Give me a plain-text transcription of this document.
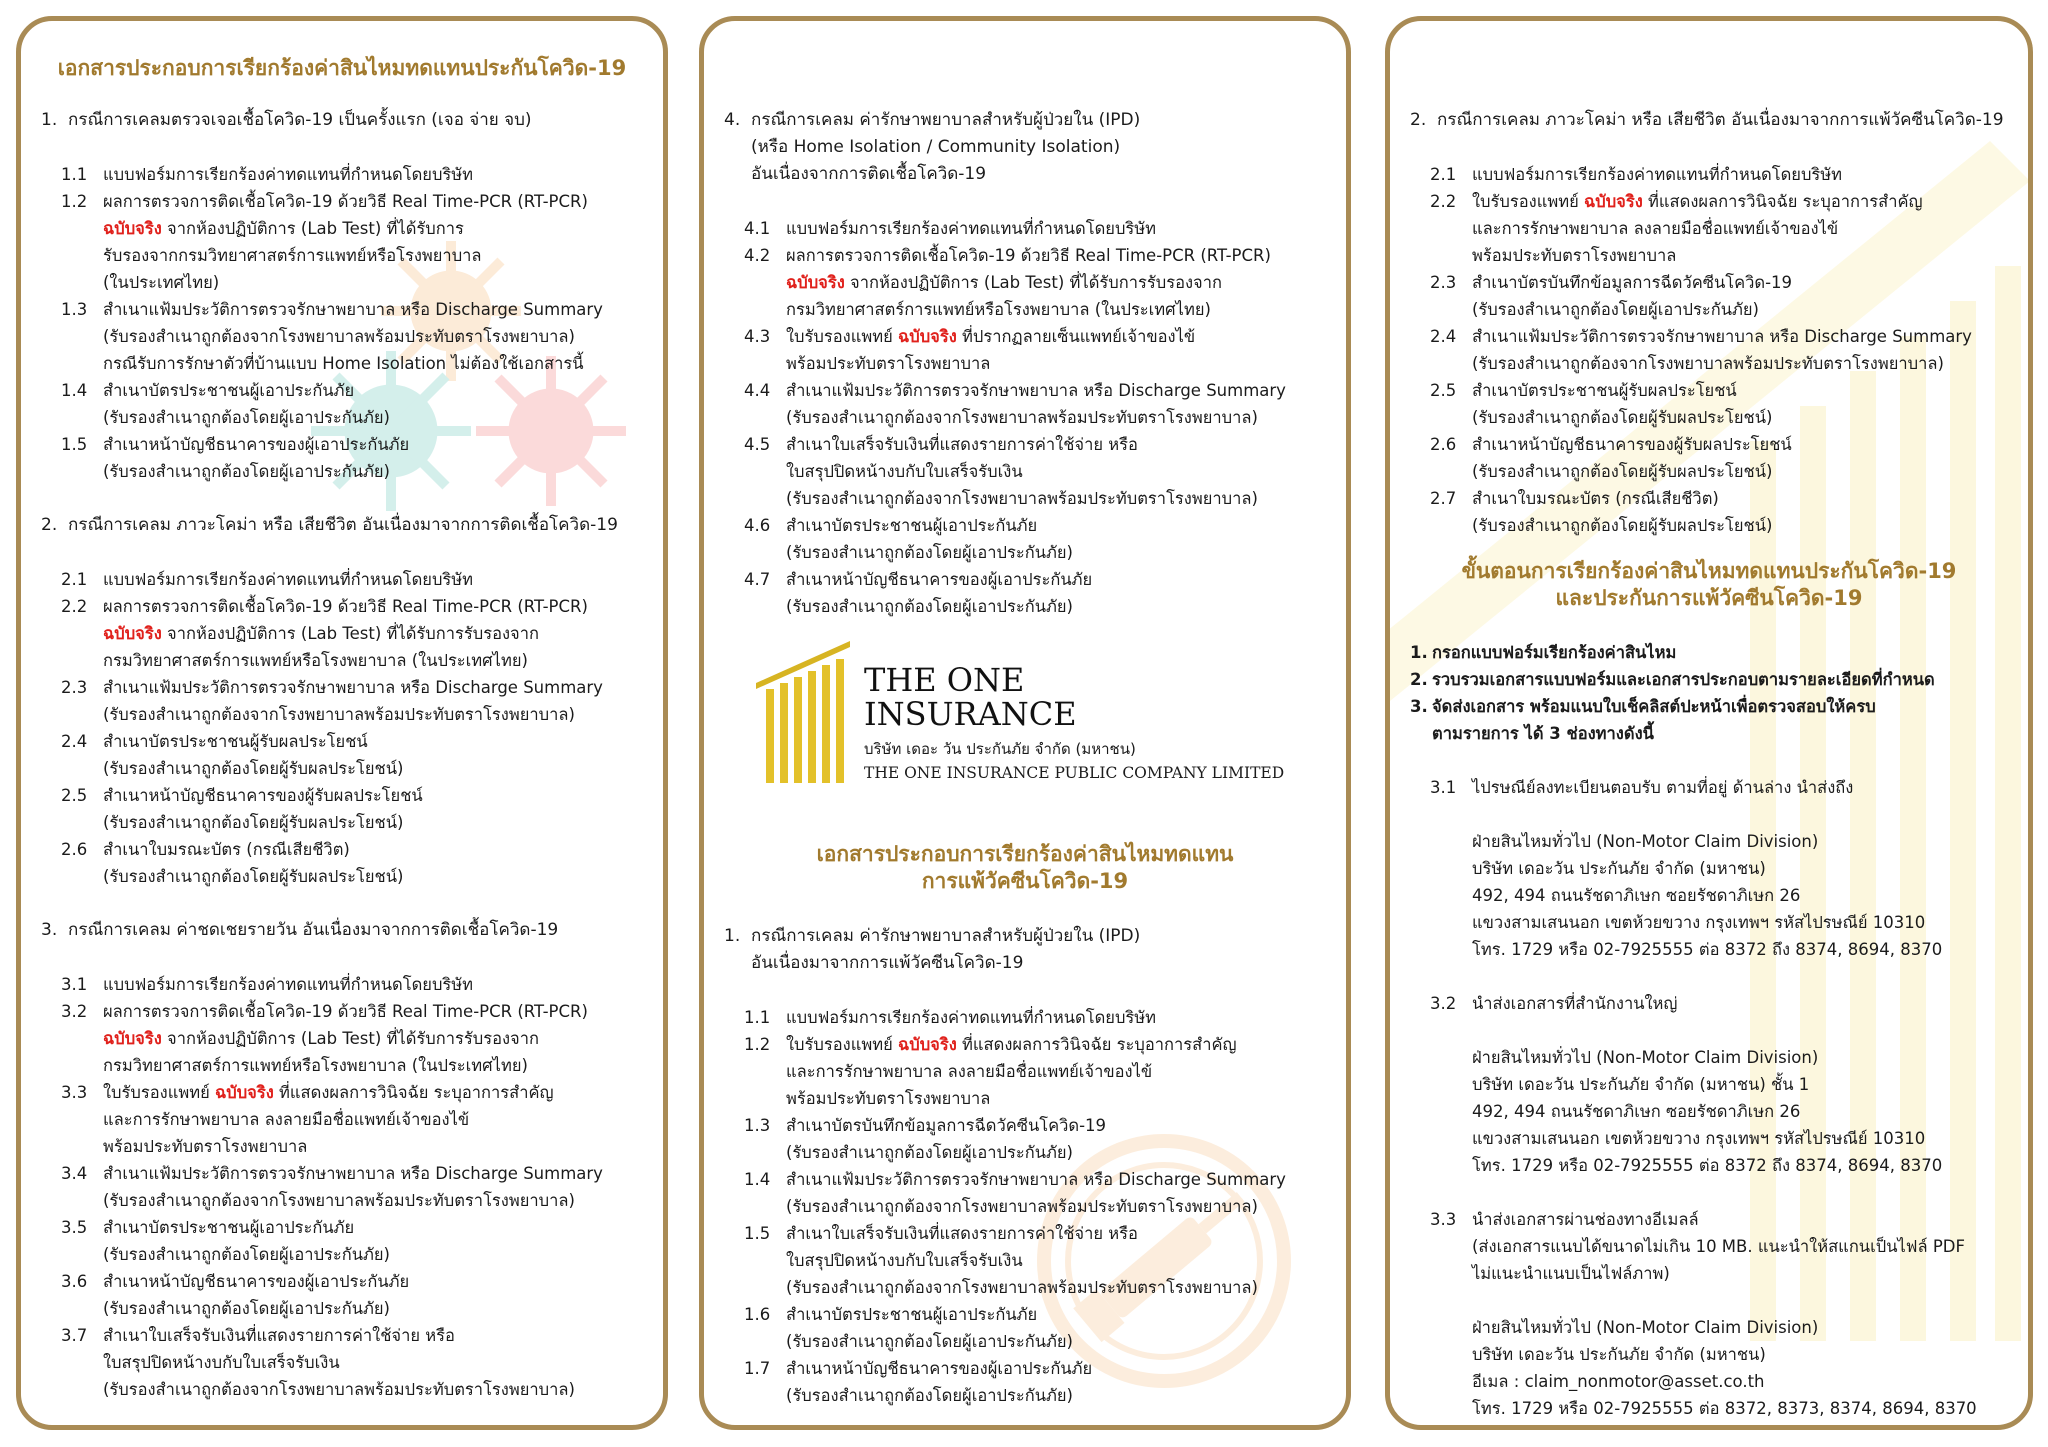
เอกสารประกอบการเรียกร้องค่าสินไหมทดแทนประกันโควิด-19

1.  กรณีการเคลมตรวจเจอเชื้อโควิด-19 เป็นครั้งแรก (เจอ จ่าย จบ)

1.1 แบบฟอร์มการเรียกร้องค่าทดแทนที่กำหนดโดยบริษัท
1.2 ผลการตรวจการติดเชื้อโควิด-19 ด้วยวิธี Real Time-PCR (RT-PCR)
ฉบับจริง จากห้องปฏิบัติการ (Lab Test) ที่ได้รับการ
รับรองจากกรมวิทยาศาสตร์การแพทย์หรือโรงพยาบาล
(ในประเทศไทย)
1.3 สำเนาแฟ้มประวัติการตรวจรักษาพยาบาล หรือ Discharge Summary
(รับรองสำเนาถูกต้องจากโรงพยาบาลพร้อมประทับตราโรงพยาบาล)
กรณีรับการรักษาตัวที่บ้านแบบ Home Isolation ไม่ต้องใช้เอกสารนี้
1.4 สำเนาบัตรประชาชนผู้เอาประกันภัย
(รับรองสำเนาถูกต้องโดยผู้เอาประกันภัย)
1.5 สำเนาหน้าบัญชีธนาคารของผู้เอาประกันภัย
(รับรองสำเนาถูกต้องโดยผู้เอาประกันภัย)

2.  กรณีการเคลม ภาวะโคม่า หรือ เสียชีวิต อันเนื่องมาจากการติดเชื้อโควิด-19

2.1 แบบฟอร์มการเรียกร้องค่าทดแทนที่กำหนดโดยบริษัท
2.2 ผลการตรวจการติดเชื้อโควิด-19 ด้วยวิธี Real Time-PCR (RT-PCR)
ฉบับจริง จากห้องปฏิบัติการ (Lab Test) ที่ได้รับการรับรองจาก
กรมวิทยาศาสตร์การแพทย์หรือโรงพยาบาล (ในประเทศไทย)
2.3 สำเนาแฟ้มประวัติการตรวจรักษาพยาบาล หรือ Discharge Summary
(รับรองสำเนาถูกต้องจากโรงพยาบาลพร้อมประทับตราโรงพยาบาล)
2.4 สำเนาบัตรประชาชนผู้รับผลประโยชน์
(รับรองสำเนาถูกต้องโดยผู้รับผลประโยชน์)
2.5 สำเนาหน้าบัญชีธนาคารของผู้รับผลประโยชน์
(รับรองสำเนาถูกต้องโดยผู้รับผลประโยชน์)
2.6 สำเนาใบมรณะบัตร (กรณีเสียชีวิต)
(รับรองสำเนาถูกต้องโดยผู้รับผลประโยชน์)

3.  กรณีการเคลม ค่าชดเชยรายวัน อันเนื่องมาจากการติดเชื้อโควิด-19

3.1 แบบฟอร์มการเรียกร้องค่าทดแทนที่กำหนดโดยบริษัท
3.2 ผลการตรวจการติดเชื้อโควิด-19 ด้วยวิธี Real Time-PCR (RT-PCR)
ฉบับจริง จากห้องปฏิบัติการ (Lab Test) ที่ได้รับการรับรองจาก
กรมวิทยาศาสตร์การแพทย์หรือโรงพยาบาล (ในประเทศไทย)
3.3 ใบรับรองแพทย์ ฉบับจริง ที่แสดงผลการวินิจฉัย ระบุอาการสำคัญ
และการรักษาพยาบาล ลงลายมือชื่อแพทย์เจ้าของไข้
พร้อมประทับตราโรงพยาบาล
3.4 สำเนาแฟ้มประวัติการตรวจรักษาพยาบาล หรือ Discharge Summary
(รับรองสำเนาถูกต้องจากโรงพยาบาลพร้อมประทับตราโรงพยาบาล)
3.5 สำเนาบัตรประชาชนผู้เอาประกันภัย
(รับรองสำเนาถูกต้องโดยผู้เอาประกันภัย)
3.6 สำเนาหน้าบัญชีธนาคารของผู้เอาประกันภัย
(รับรองสำเนาถูกต้องโดยผู้เอาประกันภัย)
3.7 สำเนาใบเสร็จรับเงินที่แสดงรายการค่าใช้จ่าย หรือ
ใบสรุปปิดหน้างบกับใบเสร็จรับเงิน
(รับรองสำเนาถูกต้องจากโรงพยาบาลพร้อมประทับตราโรงพยาบาล)

4.  กรณีการเคลม ค่ารักษาพยาบาลสำหรับผู้ป่วยใน (IPD)
(หรือ Home Isolation / Community Isolation)
อันเนื่องจากการติดเชื้อโควิด-19

4.1 แบบฟอร์มการเรียกร้องค่าทดแทนที่กำหนดโดยบริษัท
4.2 ผลการตรวจการติดเชื้อโควิด-19 ด้วยวิธี Real Time-PCR (RT-PCR)
ฉบับจริง จากห้องปฏิบัติการ (Lab Test) ที่ได้รับการรับรองจาก
กรมวิทยาศาสตร์การแพทย์หรือโรงพยาบาล (ในประเทศไทย)
4.3 ใบรับรองแพทย์ ฉบับจริง ที่ปรากฏลายเซ็นแพทย์เจ้าของไข้
พร้อมประทับตราโรงพยาบาล
4.4 สำเนาแฟ้มประวัติการตรวจรักษาพยาบาล หรือ Discharge Summary
(รับรองสำเนาถูกต้องจากโรงพยาบาลพร้อมประทับตราโรงพยาบาล)
4.5 สำเนาใบเสร็จรับเงินที่แสดงรายการค่าใช้จ่าย หรือ
ใบสรุปปิดหน้างบกับใบเสร็จรับเงิน
(รับรองสำเนาถูกต้องจากโรงพยาบาลพร้อมประทับตราโรงพยาบาล)
4.6 สำเนาบัตรประชาชนผู้เอาประกันภัย
(รับรองสำเนาถูกต้องโดยผู้เอาประกันภัย)
4.7 สำเนาหน้าบัญชีธนาคารของผู้เอาประกันภัย
(รับรองสำเนาถูกต้องโดยผู้เอาประกันภัย)
THE ONE
INSURANCE
บริษัท เดอะ วัน ประกันภัย จำกัด (มหาชน)
THE ONE INSURANCE PUBLIC COMPANY LIMITED

เอกสารประกอบการเรียกร้องค่าสินไหมทดแทน

การแพ้วัคซีนโควิด-19

1.  กรณีการเคลม ค่ารักษาพยาบาลสำหรับผู้ป่วยใน (IPD)
อันเนื่องมาจากการแพ้วัคซีนโควิด-19

1.1 แบบฟอร์มการเรียกร้องค่าทดแทนที่กำหนดโดยบริษัท
1.2 ใบรับรองแพทย์ ฉบับจริง ที่แสดงผลการวินิจฉัย ระบุอาการสำคัญ
และการรักษาพยาบาล ลงลายมือชื่อแพทย์เจ้าของไข้
พร้อมประทับตราโรงพยาบาล
1.3 สำเนาบัตรบันทึกข้อมูลการฉีดวัคซีนโควิด-19
(รับรองสำเนาถูกต้องโดยผู้เอาประกันภัย)
1.4 สำเนาแฟ้มประวัติการตรวจรักษาพยาบาล หรือ Discharge Summary
(รับรองสำเนาถูกต้องจากโรงพยาบาลพร้อมประทับตราโรงพยาบาล)
1.5 สำเนาใบเสร็จรับเงินที่แสดงรายการค่าใช้จ่าย หรือ
ใบสรุปปิดหน้างบกับใบเสร็จรับเงิน
(รับรองสำเนาถูกต้องจากโรงพยาบาลพร้อมประทับตราโรงพยาบาล)
1.6 สำเนาบัตรประชาชนผู้เอาประกันภัย
(รับรองสำเนาถูกต้องโดยผู้เอาประกันภัย)
1.7 สำเนาหน้าบัญชีธนาคารของผู้เอาประกันภัย
(รับรองสำเนาถูกต้องโดยผู้เอาประกันภัย)

2.  กรณีการเคลม ภาวะโคม่า หรือ เสียชีวิต อันเนื่องมาจากการแพ้วัคซีนโควิด-19

2.1 แบบฟอร์มการเรียกร้องค่าทดแทนที่กำหนดโดยบริษัท
2.2 ใบรับรองแพทย์ ฉบับจริง ที่แสดงผลการวินิจฉัย ระบุอาการสำคัญ
และการรักษาพยาบาล ลงลายมือชื่อแพทย์เจ้าของไข้
พร้อมประทับตราโรงพยาบาล
2.3 สำเนาบัตรบันทึกข้อมูลการฉีดวัคซีนโควิด-19
(รับรองสำเนาถูกต้องโดยผู้เอาประกันภัย)
2.4 สำเนาแฟ้มประวัติการตรวจรักษาพยาบาล หรือ Discharge Summary
(รับรองสำเนาถูกต้องจากโรงพยาบาลพร้อมประทับตราโรงพยาบาล)
2.5 สำเนาบัตรประชาชนผู้รับผลประโยชน์
(รับรองสำเนาถูกต้องโดยผู้รับผลประโยชน์)
2.6 สำเนาหน้าบัญชีธนาคารของผู้รับผลประโยชน์
(รับรองสำเนาถูกต้องโดยผู้รับผลประโยชน์)
2.7 สำเนาใบมรณะบัตร (กรณีเสียชีวิต)
(รับรองสำเนาถูกต้องโดยผู้รับผลประโยชน์)

ขั้นตอนการเรียกร้องค่าสินไหมทดแทนประกันโควิด-19

และประกันการแพ้วัคซีนโควิด-19

1. กรอกแบบฟอร์มเรียกร้องค่าสินไหม
2. รวบรวมเอกสารแบบฟอร์มและเอกสารประกอบตามรายละเอียดที่กำหนด
3. จัดส่งเอกสาร พร้อมแนบใบเช็คลิสต์ปะหน้าเพื่อตรวจสอบให้ครบ
ตามรายการ ได้ 3 ช่องทางดังนี้
3.1 ไปรษณีย์ลงทะเบียนตอบรับ ตามที่อยู่ ด้านล่าง นำส่งถึง
ฝ่ายสินไหมทั่วไป (Non-Motor Claim Division)
บริษัท เดอะวัน ประกันภัย จำกัด (มหาชน)
492, 494 ถนนรัชดาภิเษก ซอยรัชดาภิเษก 26
แขวงสามเสนนอก เขตห้วยขวาง กรุงเทพฯ รหัสไปรษณีย์ 10310
โทร. 1729 หรือ 02-7925555 ต่อ 8372 ถึง 8374, 8694, 8370
3.2 นำส่งเอกสารที่สำนักงานใหญ่
ฝ่ายสินไหมทั่วไป (Non-Motor Claim Division)
บริษัท เดอะวัน ประกันภัย จำกัด (มหาชน) ชั้น 1
492, 494 ถนนรัชดาภิเษก ซอยรัชดาภิเษก 26
แขวงสามเสนนอก เขตห้วยขวาง กรุงเทพฯ รหัสไปรษณีย์ 10310
โทร. 1729 หรือ 02-7925555 ต่อ 8372 ถึง 8374, 8694, 8370
3.3 นำส่งเอกสารผ่านช่องทางอีเมลล์
(ส่งเอกสารแนบได้ขนาดไม่เกิน 10 MB. แนะนำให้สแกนเป็นไฟล์ PDF
ไม่แนะนำแนบเป็นไฟล์ภาพ)
ฝ่ายสินไหมทั่วไป (Non-Motor Claim Division)
บริษัท เดอะวัน ประกันภัย จำกัด (มหาชน)
อีเมล : claim_nonmotor@asset.co.th
โทร. 1729 หรือ 02-7925555 ต่อ 8372, 8373, 8374, 8694, 8370
